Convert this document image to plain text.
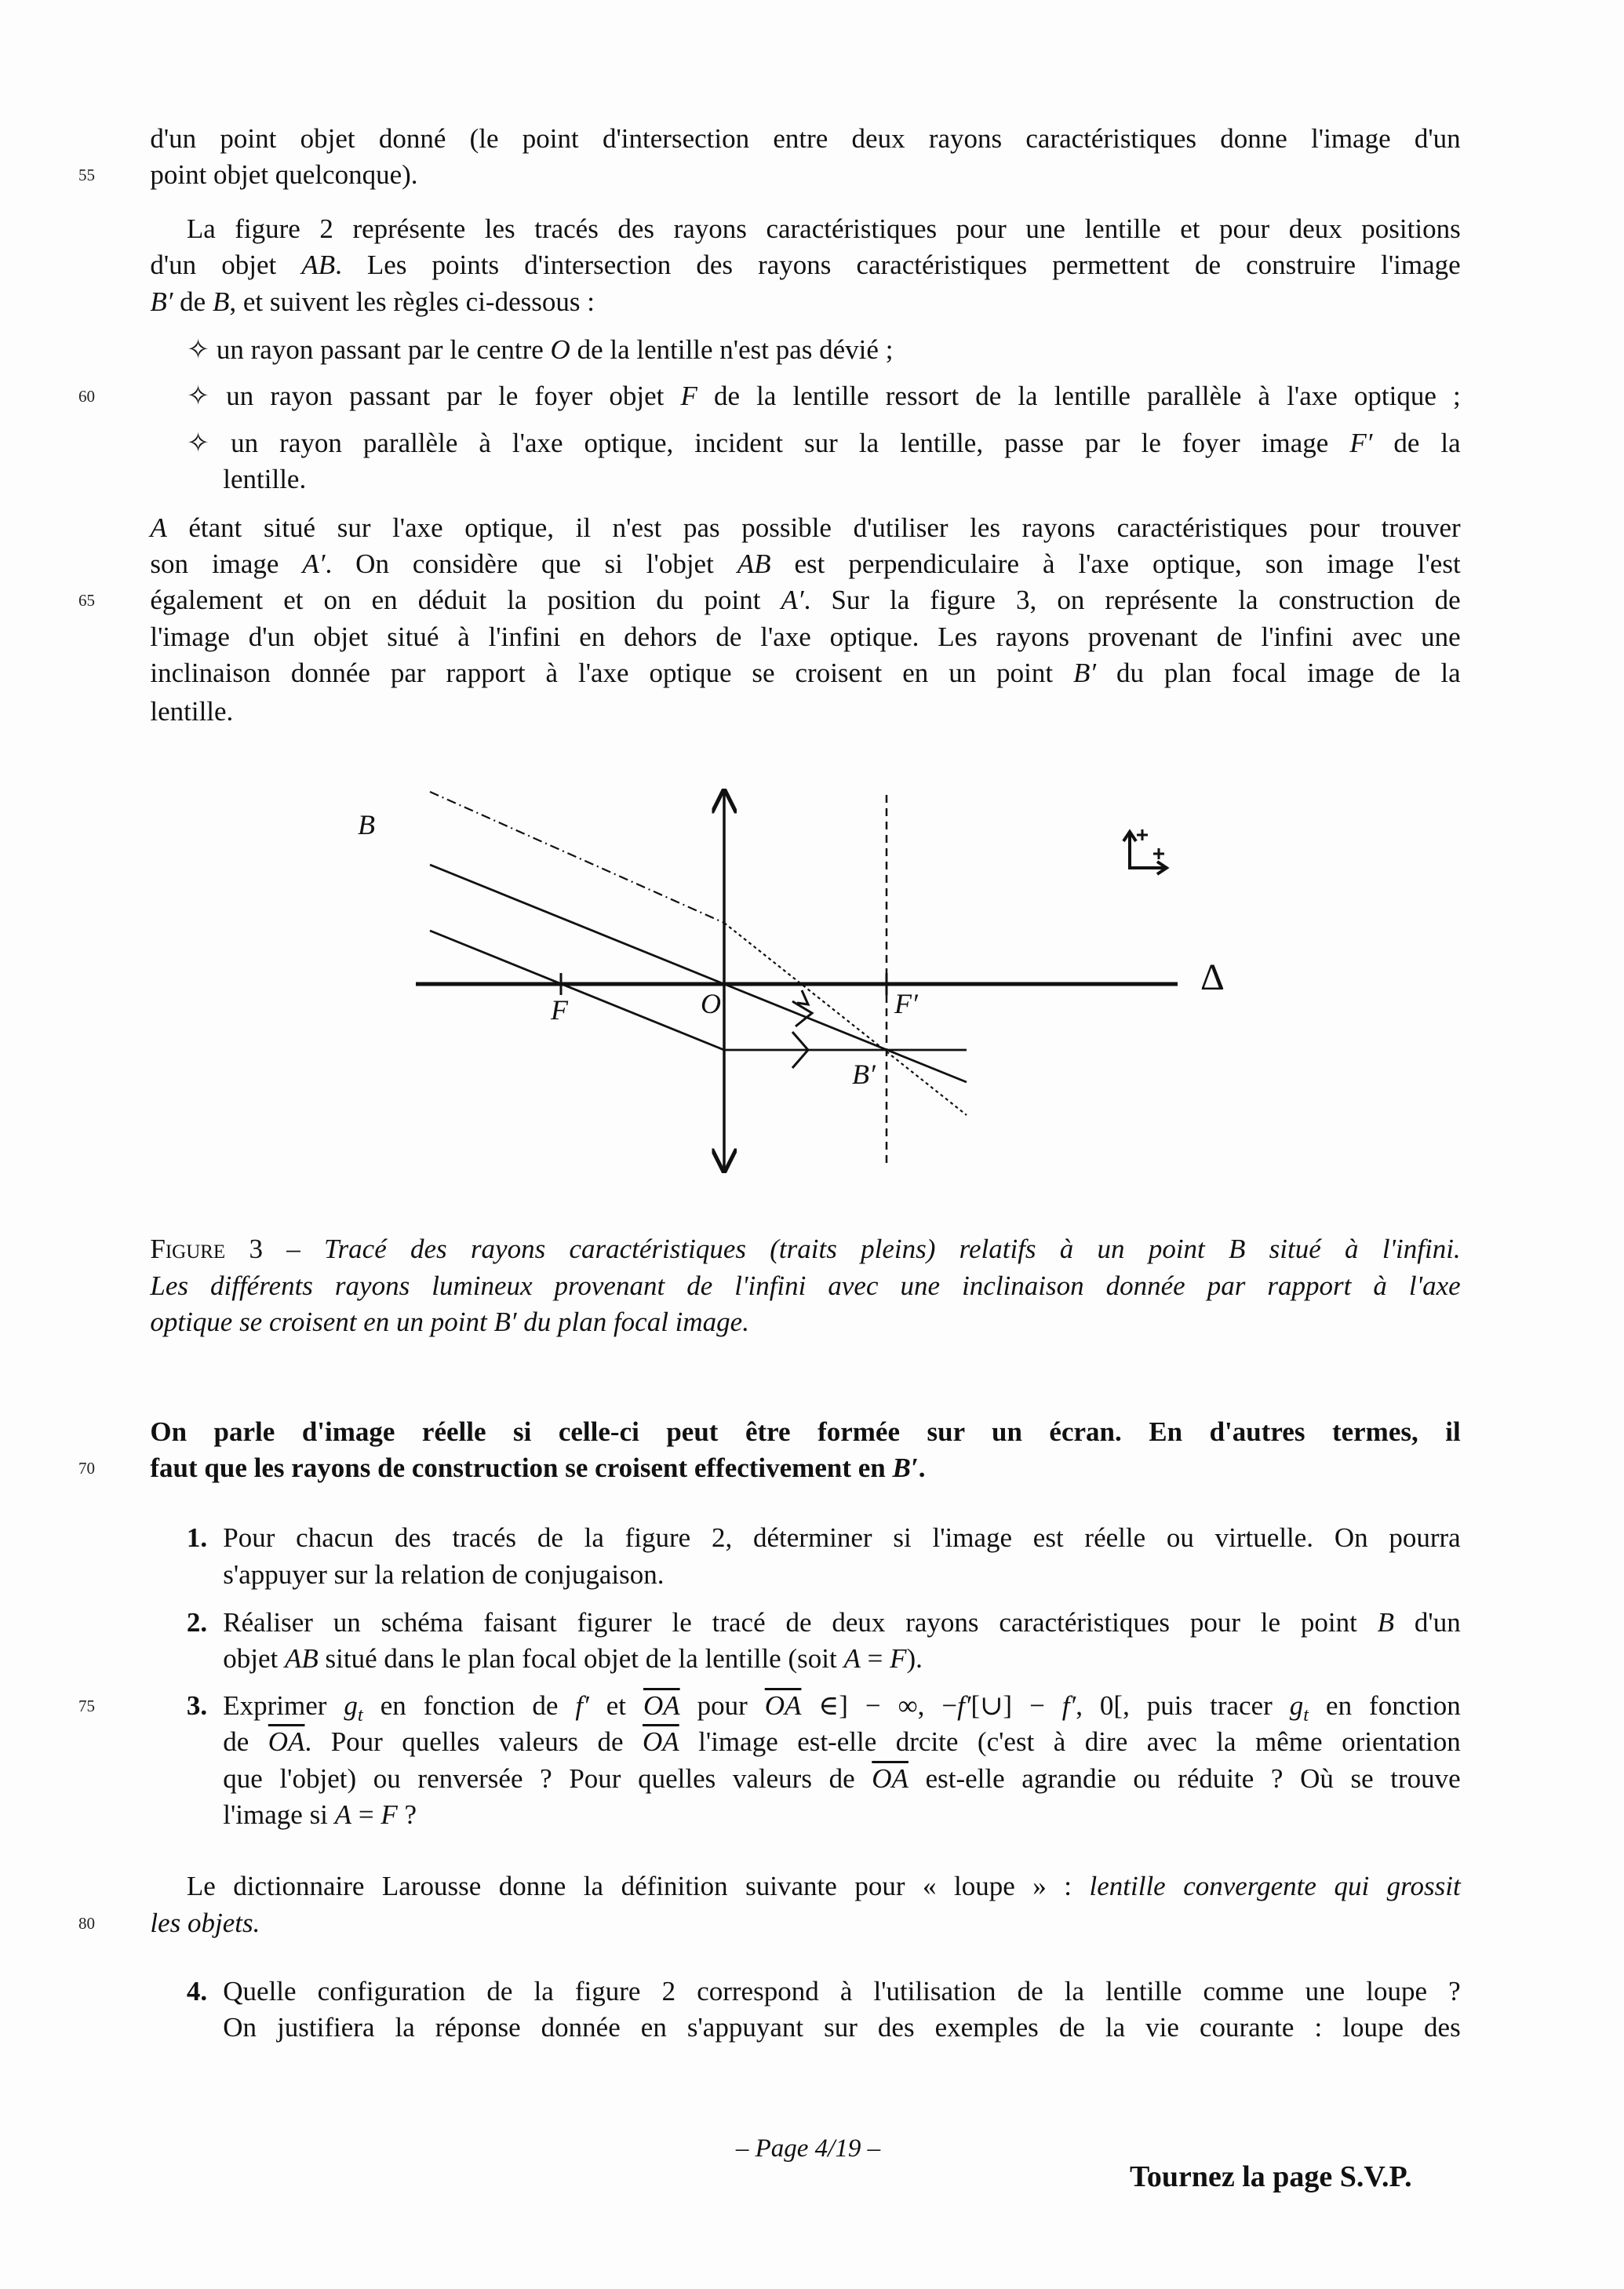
B
O
F	F′
B′
Δ
– Page 4/19 –
Tournez la page S.V.P.
d'un point objet donné (le point d'intersection entre deux rayons caractéristiques donne l'image d'un
point objet quelconque).
La figure 2 représente les tracés des rayons caractéristiques pour une lentille et pour deux positions
d'un objet AB. Les points d'intersection des rayons caractéristiques permettent de construire l'image
B′ de B, et suivent les règles ci-dessous :
✧ un rayon passant par le centre O de la lentille n'est pas dévié ;
✧ un rayon passant par le foyer objet F de la lentille ressort de la lentille parallèle à l'axe optique ;
✧ un rayon parallèle à l'axe optique, incident sur la lentille, passe par le foyer image F′ de la
lentille.
A étant situé sur l'axe optique, il n'est pas possible d'utiliser les rayons caractéristiques pour trouver
son image A′. On considère que si l'objet AB est perpendiculaire à l'axe optique, son image l'est
également et on en déduit la position du point A′. Sur la figure 3, on représente la construction de
l'image d'un objet situé à l'infini en dehors de l'axe optique. Les rayons provenant de l'infini avec une
inclinaison donnée par rapport à l'axe optique se croisent en un point B′ du plan focal image de la
lentille.
Figure 3 – Tracé des rayons caractéristiques (traits pleins) relatifs à un point B situé à l'infini.
Les différents rayons lumineux provenant de l'infini avec une inclinaison donnée par rapport à l'axe
optique se croisent en un point B′ du plan focal image.
On parle d'image réelle si celle-ci peut être formée sur un écran. En d'autres termes, il
faut que les rayons de construction se croisent effectivement en B′.
Pour chacun des tracés de la figure 2, déterminer si l'image est réelle ou virtuelle. On pourra
s'appuyer sur la relation de conjugaison.
Réaliser un schéma faisant figurer le tracé de deux rayons caractéristiques pour le point B d'un
objet AB situé dans le plan focal objet de la lentille (soit A = F).
Exprimer $g_t$ en fonction de f′ et $\overline{OA}$ pour $\overline{OA}$ ∈] − ∞, −f′[∪] − f′, 0[, puis tracer $g_t$ en fonction
de $\overline{OA}$. Pour quelles valeurs de $\overline{OA}$ l'image est-elle drcite (c'est à dire avec la même orientation
que l'objet) ou renversée ? Pour quelles valeurs de $\overline{OA}$ est-elle agrandie ou réduite ? Où se trouve
l'image si A = F ?
Le dictionnaire Larousse donne la définition suivante pour « loupe » : lentille convergente qui grossit
les objets.
Quelle configuration de la figure 2 correspond à l'utilisation de la lentille comme une loupe ?
On justifiera la réponse donnée en s'appuyant sur des exemples de la vie courante : loupe des
55
60
65
70
75
80
1.
2.
3.
4.
